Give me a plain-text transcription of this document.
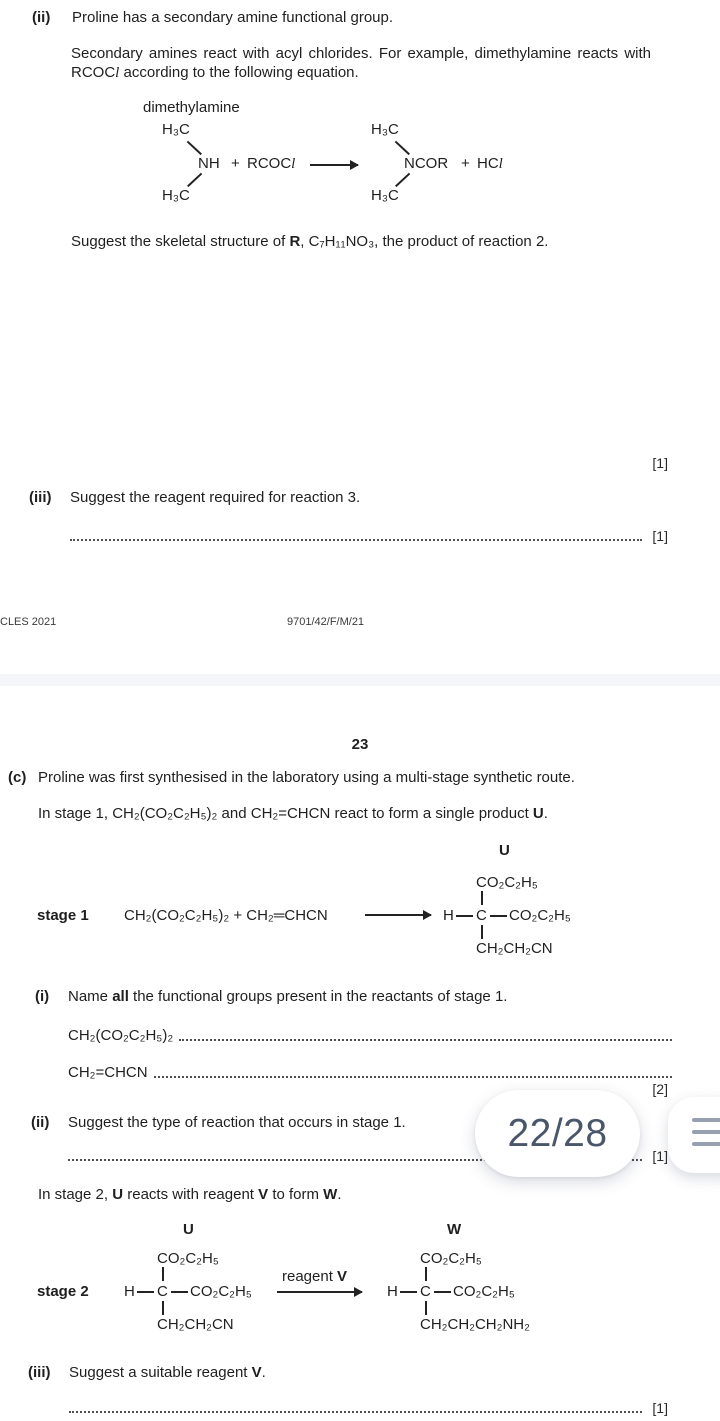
(ii) Proline has a secondary amine functional group.
Secondary amines react with acyl chlorides. For example, dimethylamine reacts with RCOCl according to the following equation.
dimethylamine
H₃C
NH
H₃C
+ RCOCl →
H₃C
NCOR
H₃C
+ HCl
Suggest the skeletal structure of R, C₇H₁₁NO₃, the product of reaction 2.
[1]
(iii) Suggest the reagent required for reaction 3.
[1]
CLES 2021	9701/42/F/M/21
23
(c) Proline was first synthesised in the laboratory using a multi-stage synthetic route.
In stage 1, CH₂(CO₂C₂H₅)₂ and CH₂=CHCN react to form a single product U.
U
stage 1 CH₂(CO₂C₂H₅)₂ + CH₂═CHCN
CO₂C₂H₅
H C CO₂C₂H₅
CH₂CH₂CN
(i) Name all the functional groups present in the reactants of stage 1.
CH₂(CO₂C₂H₅)₂
CH₂=CHCN
[2]
(ii) Suggest the type of reaction that occurs in stage 1.
[1]
In stage 2, U reacts with reagent V to form W.
U	W
stage 2
CO₂C₂H₅
H C CO₂C₂H₅
CH₂CH₂CN
reagent V
CO₂C₂H₅
H C CO₂C₂H₅
CH₂CH₂CH₂NH₂
(iii) Suggest a suitable reagent V.
[1]
22/28
